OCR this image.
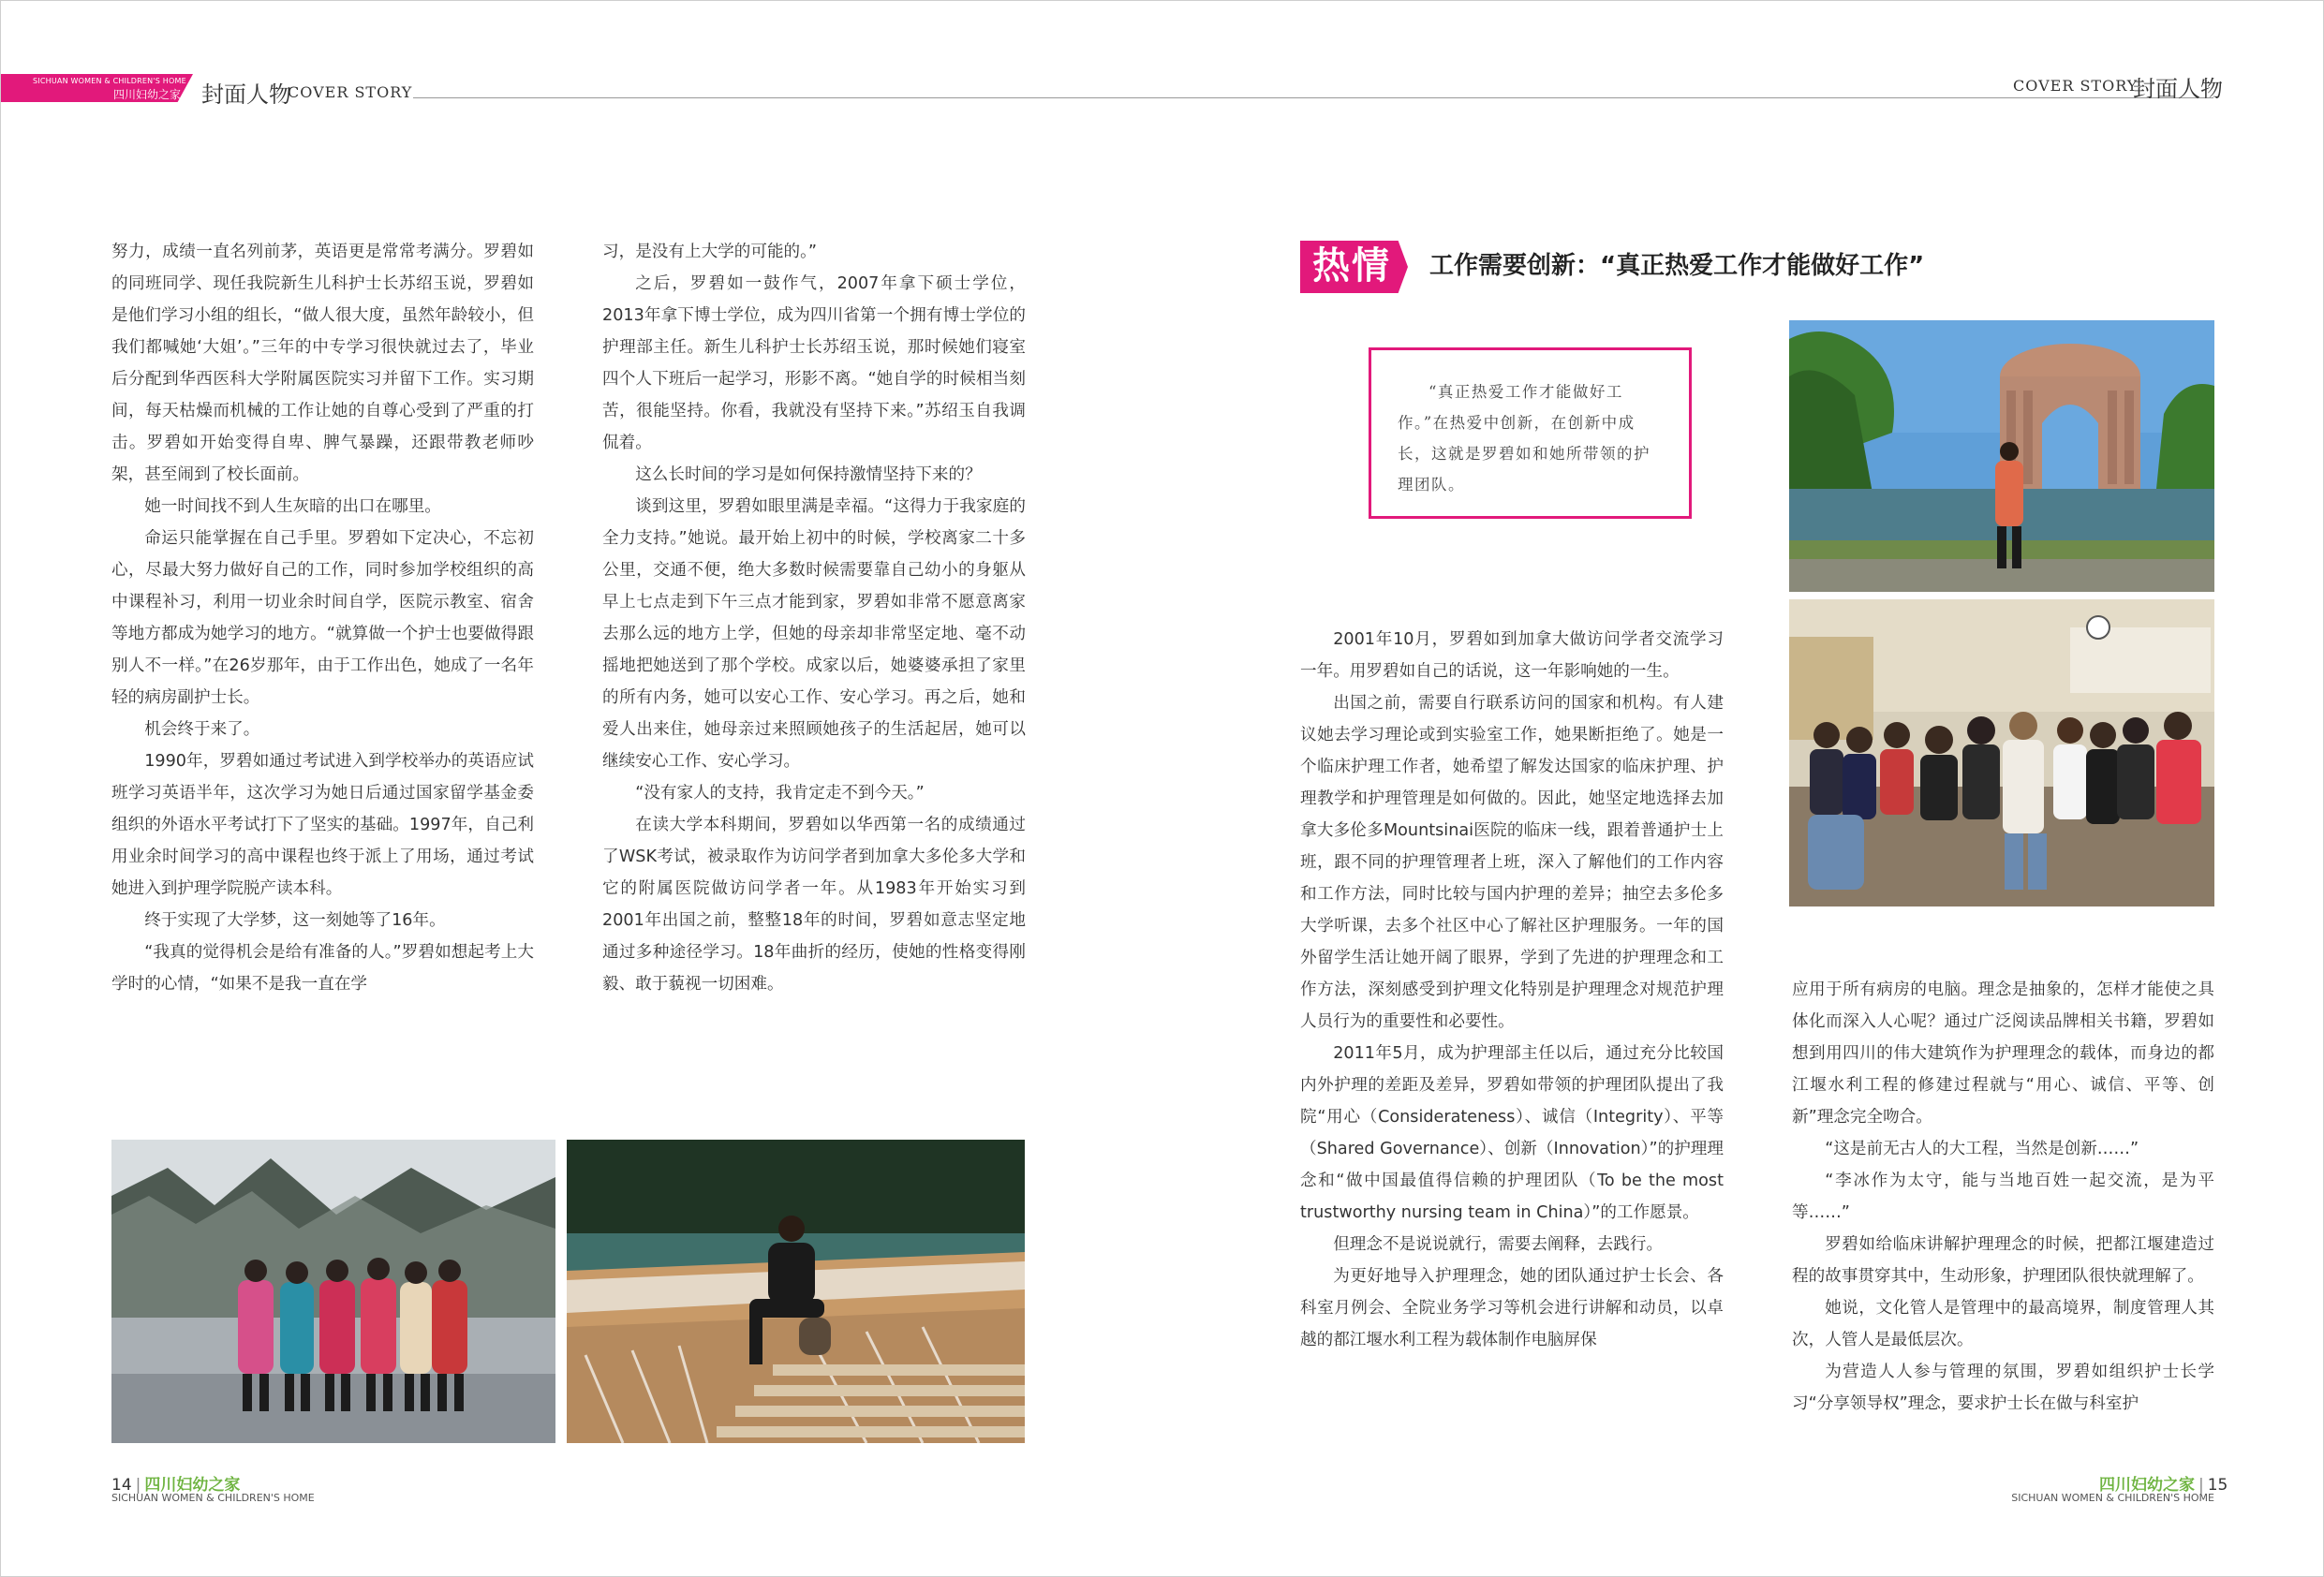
SICHUAN WOMEN & CHILDREN'S HOME
四川妇幼之家 封面人物
COVER STORY	COVER STORY
封面人物

努力，成绩一直名列前茅，英语更是常常考满分。罗碧如的同班同学、现任我院新生儿科护士长苏绍玉说，罗碧如是他们学习小组的组长，“做人很大度，虽然年龄较小，但我们都喊她‘大姐’。”三年的中专学习很快就过去了，毕业后分配到华西医科大学附属医院实习并留下工作。实习期间，每天枯燥而机械的工作让她的自尊心受到了严重的打击。罗碧如开始变得自卑、脾气暴躁，还跟带教老师吵架，甚至闹到了校长面前。

她一时间找不到人生灰暗的出口在哪里。

命运只能掌握在自己手里。罗碧如下定决心，不忘初心，尽最大努力做好自己的工作，同时参加学校组织的高中课程补习，利用一切业余时间自学，医院示教室、宿舍等地方都成为她学习的地方。“就算做一个护士也要做得跟别人不一样。”在26岁那年，由于工作出色，她成了一名年轻的病房副护士长。

机会终于来了。

1990年，罗碧如通过考试进入到学校举办的英语应试班学习英语半年，这次学习为她日后通过国家留学基金委组织的外语水平考试打下了坚实的基础。1997年，自己利用业余时间学习的高中课程也终于派上了用场，通过考试她进入到护理学院脱产读本科。

终于实现了大学梦，这一刻她等了16年。

“我真的觉得机会是给有准备的人。”罗碧如想起考上大学时的心情，“如果不是我一直在学

习，是没有上大学的可能的。”

之后，罗碧如一鼓作气，2007年拿下硕士学位，2013年拿下博士学位，成为四川省第一个拥有博士学位的护理部主任。新生儿科护士长苏绍玉说，那时候她们寝室四个人下班后一起学习，形影不离。“她自学的时候相当刻苦，很能坚持。你看，我就没有坚持下来。”苏绍玉自我调侃着。

这么长时间的学习是如何保持激情坚持下来的？

谈到这里，罗碧如眼里满是幸福。“这得力于我家庭的全力支持。”她说。最开始上初中的时候，学校离家二十多公里，交通不便，绝大多数时候需要靠自己幼小的身躯从早上七点走到下午三点才能到家，罗碧如非常不愿意离家去那么远的地方上学，但她的母亲却非常坚定地、毫不动摇地把她送到了那个学校。成家以后，她婆婆承担了家里的所有内务，她可以安心工作、安心学习。再之后，她和爱人出来住，她母亲过来照顾她孩子的生活起居，她可以继续安心工作、安心学习。

“没有家人的支持，我肯定走不到今天。”

在读大学本科期间，罗碧如以华西第一名的成绩通过了WSK考试，被录取作为访问学者到加拿大多伦多大学和它的附属医院做访问学者一年。从1983年开始实习到2001年出国之前，整整18年的时间，罗碧如意志坚定地通过多种途径学习。18年曲折的经历，使她的性格变得刚毅、敢于藐视一切困难。

14 | 四川妇幼之家
SICHUAN WOMEN & CHILDREN'S HOME
热情 工作需要创新：“真正热爱工作才能做好工作”

“真正热爱工作才能做好工作。”在热爱中创新，在创新中成长，这就是罗碧如和她所带领的护理团队。

2001年10月，罗碧如到加拿大做访问学者交流学习一年。用罗碧如自己的话说，这一年影响她的一生。

出国之前，需要自行联系访问的国家和机构。有人建议她去学习理论或到实验室工作，她果断拒绝了。她是一个临床护理工作者，她希望了解发达国家的临床护理、护理教学和护理管理是如何做的。因此，她坚定地选择去加拿大多伦多Mountsinai医院的临床一线，跟着普通护士上班，跟不同的护理管理者上班，深入了解他们的工作内容和工作方法，同时比较与国内护理的差异；抽空去多伦多大学听课，去多个社区中心了解社区护理服务。一年的国外留学生活让她开阔了眼界，学到了先进的护理理念和工作方法，深刻感受到护理文化特别是护理理念对规范护理人员行为的重要性和必要性。

2011年5月，成为护理部主任以后，通过充分比较国内外护理的差距及差异，罗碧如带领的护理团队提出了我院“用心（Considerateness）、诚信（Integrity）、平等（Shared Governance）、创新（Innovation）”的护理理念和“做中国最值得信赖的护理团队（To be the most trustworthy nursing team in China）”的工作愿景。

但理念不是说说就行，需要去阐释，去践行。

为更好地导入护理理念，她的团队通过护士长会、各科室月例会、全院业务学习等机会进行讲解和动员，以卓越的都江堰水利工程为载体制作电脑屏保

应用于所有病房的电脑。理念是抽象的，怎样才能使之具体化而深入人心呢？通过广泛阅读品牌相关书籍，罗碧如想到用四川的伟大建筑作为护理理念的载体，而身边的都江堰水利工程的修建过程就与“用心、诚信、平等、创新”理念完全吻合。

“这是前无古人的大工程，当然是创新……”

“李冰作为太守，能与当地百姓一起交流，是为平等……”

罗碧如给临床讲解护理理念的时候，把都江堰建造过程的故事贯穿其中，生动形象，护理团队很快就理解了。

她说，文化管人是管理中的最高境界，制度管理人其次，人管人是最低层次。

为营造人人参与管理的氛围，罗碧如组织护士长学习“分享领导权”理念，要求护士长在做与科室护

四川妇幼之家 | 15
SICHUAN WOMEN & CHILDREN'S HOME
